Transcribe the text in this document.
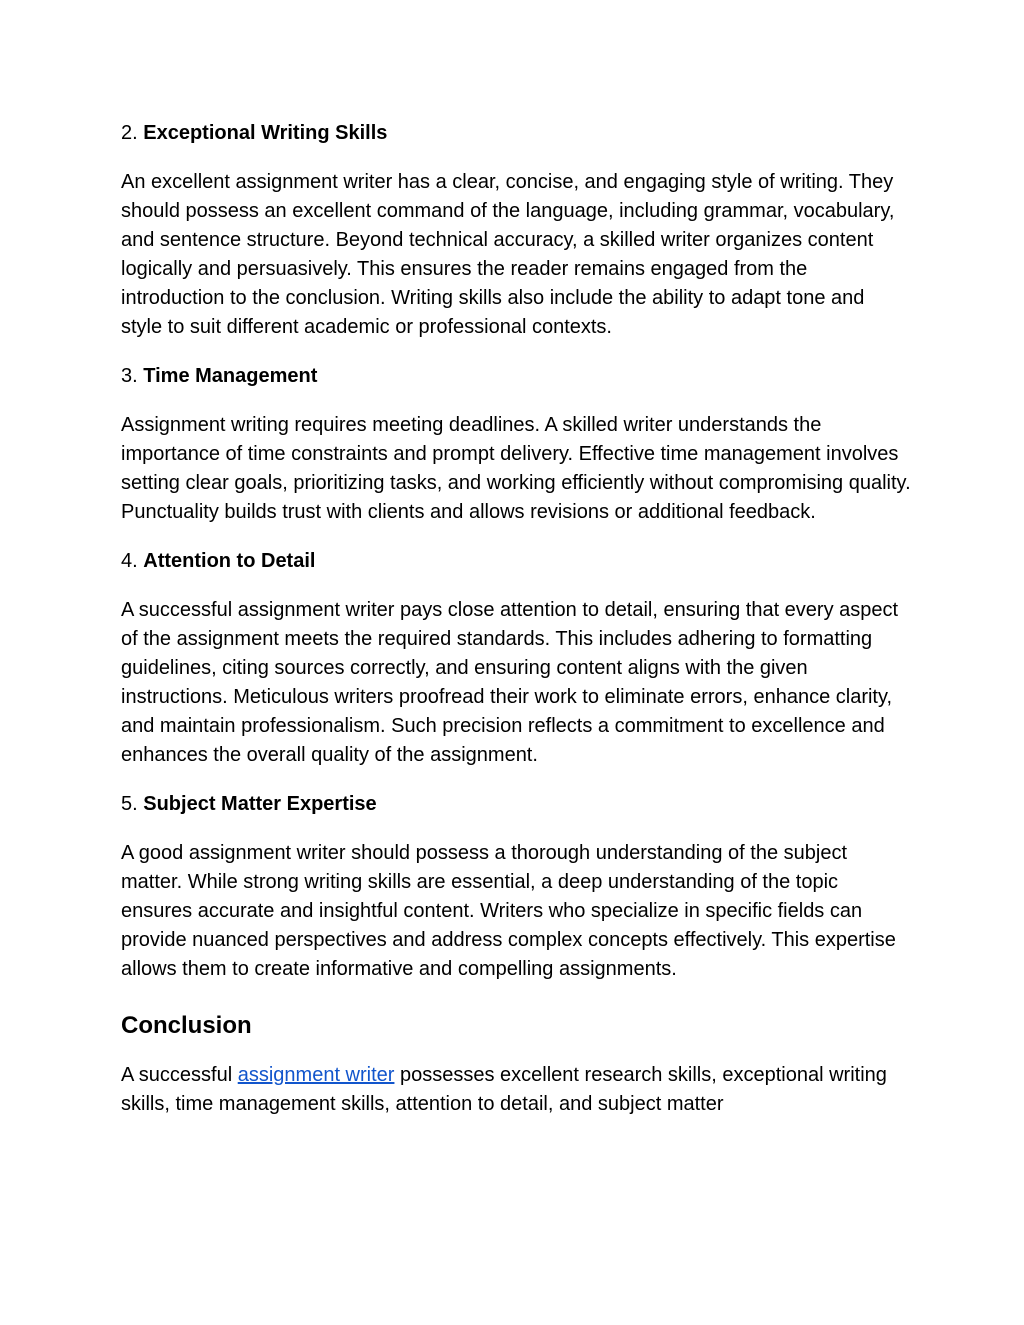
2. Exceptional Writing Skills

An excellent assignment writer has a clear, concise, and engaging style of writing. They should possess an excellent command of the language, including grammar, vocabulary, and sentence structure. Beyond technical accuracy, a skilled writer organizes content logically and persuasively. This ensures the reader remains engaged from the introduction to the conclusion. Writing skills also include the ability to adapt tone and style to suit different academic or professional contexts.

3. Time Management

Assignment writing requires meeting deadlines. A skilled writer understands the importance of time constraints and prompt delivery. Effective time management involves setting clear goals, prioritizing tasks, and working efficiently without compromising quality. Punctuality builds trust with clients and allows revisions or additional feedback.

4. Attention to Detail

A successful assignment writer pays close attention to detail, ensuring that every aspect of the assignment meets the required standards. This includes adhering to formatting guidelines, citing sources correctly, and ensuring content aligns with the given instructions. Meticulous writers proofread their work to eliminate errors, enhance clarity, and maintain professionalism. Such precision reflects a commitment to excellence and enhances the overall quality of the assignment.

5. Subject Matter Expertise

A good assignment writer should possess a thorough understanding of the subject matter. While strong writing skills are essential, a deep understanding of the topic ensures accurate and insightful content. Writers who specialize in specific fields can provide nuanced perspectives and address complex concepts effectively. This expertise allows them to create informative and compelling assignments.

Conclusion

A successful assignment writer possesses excellent research skills, exceptional writing skills, time management skills, attention to detail, and subject matter
